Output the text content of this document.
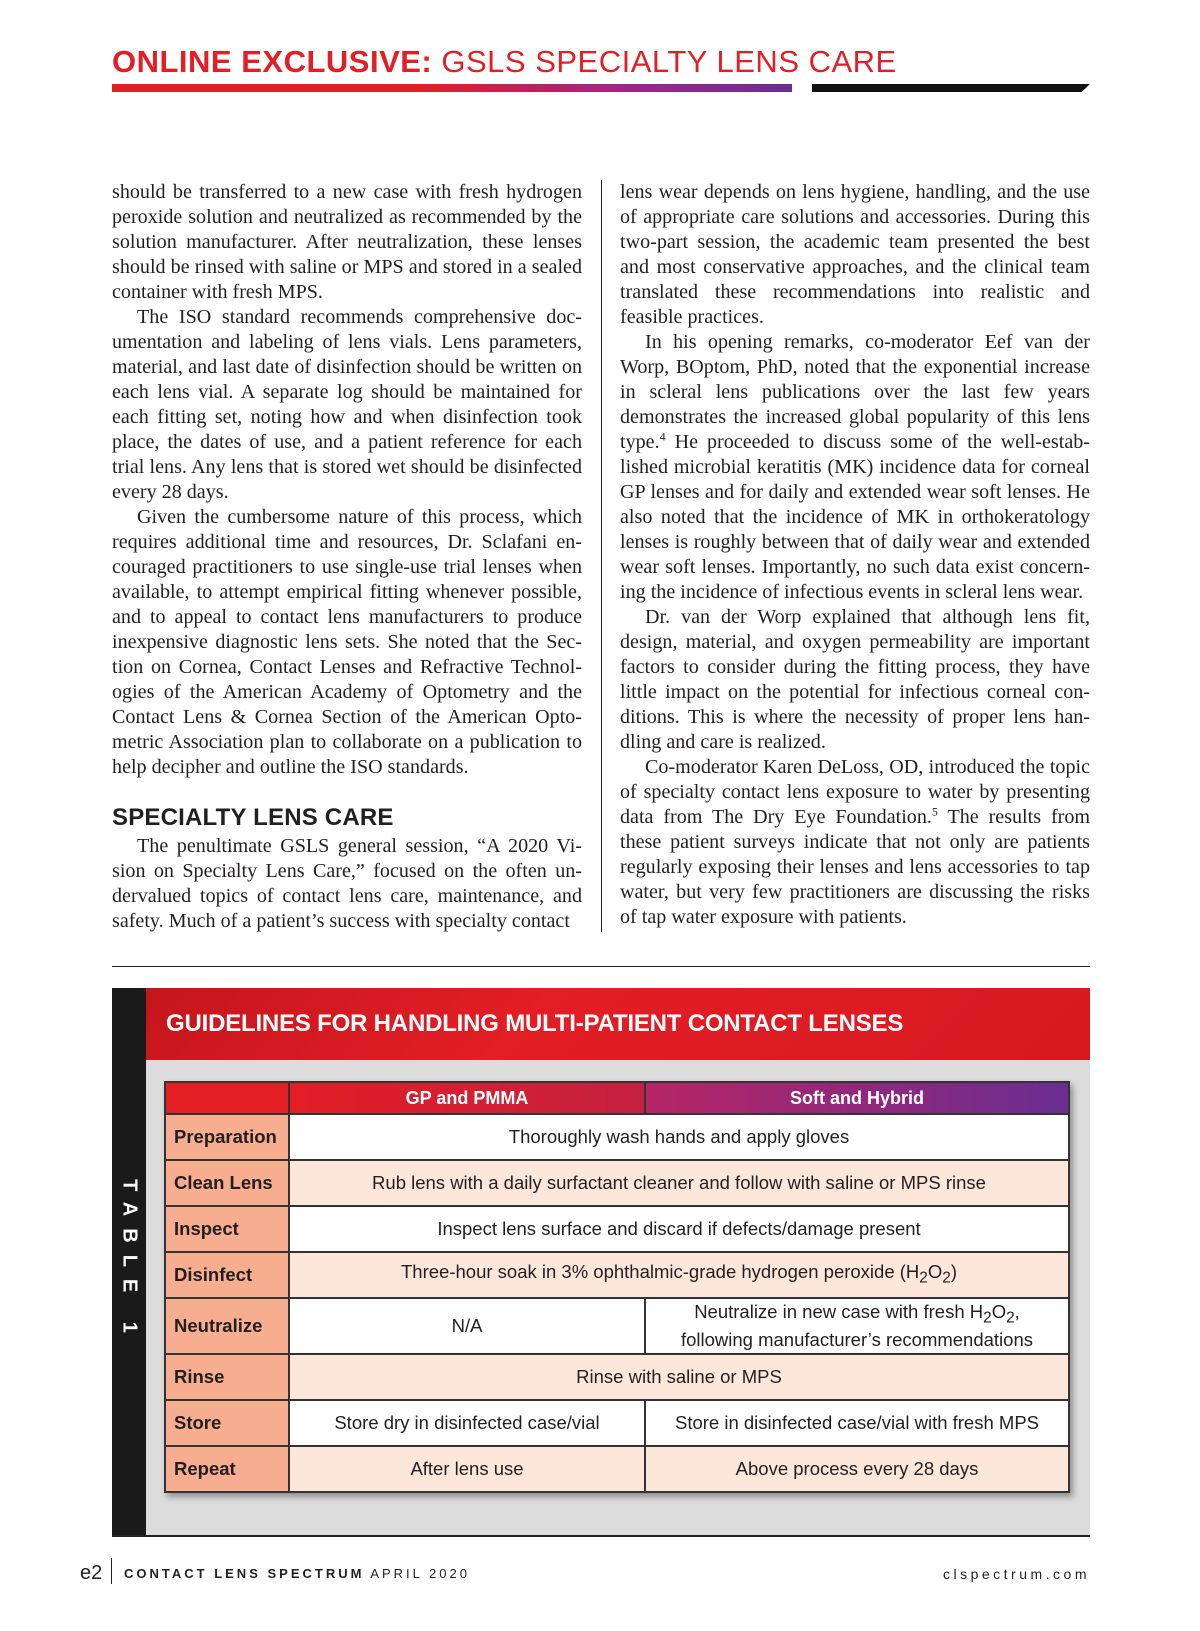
ONLINE EXCLUSIVE: GSLS SPECIALTY LENS CARE

should be transferred to a new case with fresh hydrogen peroxide solution and neutralized as recommended by the solution manufacturer. After neutralization, these lenses should be rinsed with saline or MPS and stored in a sealed container with fresh MPS.

The ISO standard recommends comprehensive documentation and labeling of lens vials. Lens parameters, material, and last date of disinfection should be written on each lens vial. A separate log should be maintained for each fitting set, noting how and when disinfection took place, the dates of use, and a patient reference for each trial lens. Any lens that is stored wet should be disinfected every 28 days.

Given the cumbersome nature of this process, which requires additional time and resources, Dr. Sclafani encouraged practitioners to use single-use trial lenses when available, to attempt empirical fitting whenever possible, and to appeal to contact lens manufacturers to produce inexpensive diagnostic lens sets. She noted that the Section on Cornea, Contact Lenses and Refractive Technologies of the American Academy of Optometry and the Contact Lens & Cornea Section of the American Optometric Association plan to collaborate on a publication to help decipher and outline the ISO standards.

SPECIALTY LENS CARE

The penultimate GSLS general session, “A 2020 Vision on Specialty Lens Care,” focused on the often undervalued topics of contact lens care, maintenance, and safety. Much of a patient’s success with specialty contact

lens wear depends on lens hygiene, handling, and the use of appropriate care solutions and accessories. During this two-part session, the academic team presented the best and most conservative approaches, and the clinical team translated these recommendations into realistic and feasible practices.

In his opening remarks, co-moderator Eef van der Worp, BOptom, PhD, noted that the exponential increase in scleral lens publications over the last few years demonstrates the increased global popularity of this lens type.$^4$ He proceeded to discuss some of the well-established microbial keratitis (MK) incidence data for corneal GP lenses and for daily and extended wear soft lenses. He also noted that the incidence of MK in orthokeratology lenses is roughly between that of daily wear and extended wear soft lenses. Importantly, no such data exist concerning the incidence of infectious events in scleral lens wear.

Dr. van der Worp explained that although lens fit, design, material, and oxygen permeability are important factors to consider during the fitting process, they have little impact on the potential for infectious corneal conditions. This is where the necessity of proper lens handling and care is realized.

Co-moderator Karen DeLoss, OD, introduced the topic of specialty contact lens exposure to water by presenting data from The Dry Eye Foundation.$^5$ The results from these patient surveys indicate that not only are patients regularly exposing their lenses and lens accessories to tap water, but very few practitioners are discussing the risks of tap water exposure with patients.

TABLE 1
GUIDELINES FOR HANDLING MULTI-PATIENT CONTACT LENSES
	GP and PMMA	Soft and Hybrid
Preparation	Thoroughly wash hands and apply gloves	
Clean Lens	Rub lens with a daily surfactant cleaner and follow with saline or MPS rinse	
Inspect	Inspect lens surface and discard if defects/damage present	
Disinfect	Three-hour soak in 3% ophthalmic-grade hydrogen peroxide $(H_2O_2)$	
Neutralize	N/A	Neutralize in new case with fresh $H_2O_2$,
following manufacturer’s recommendations
Rinse	Rinse with saline or MPS	
Store	Store dry in disinfected case/vial	Store in disinfected case/vial with fresh MPS
Repeat	After lens use	Above process every 28 days
e2 CONTACT LENS SPECTRUM APRIL 2020	clspectrum.com
